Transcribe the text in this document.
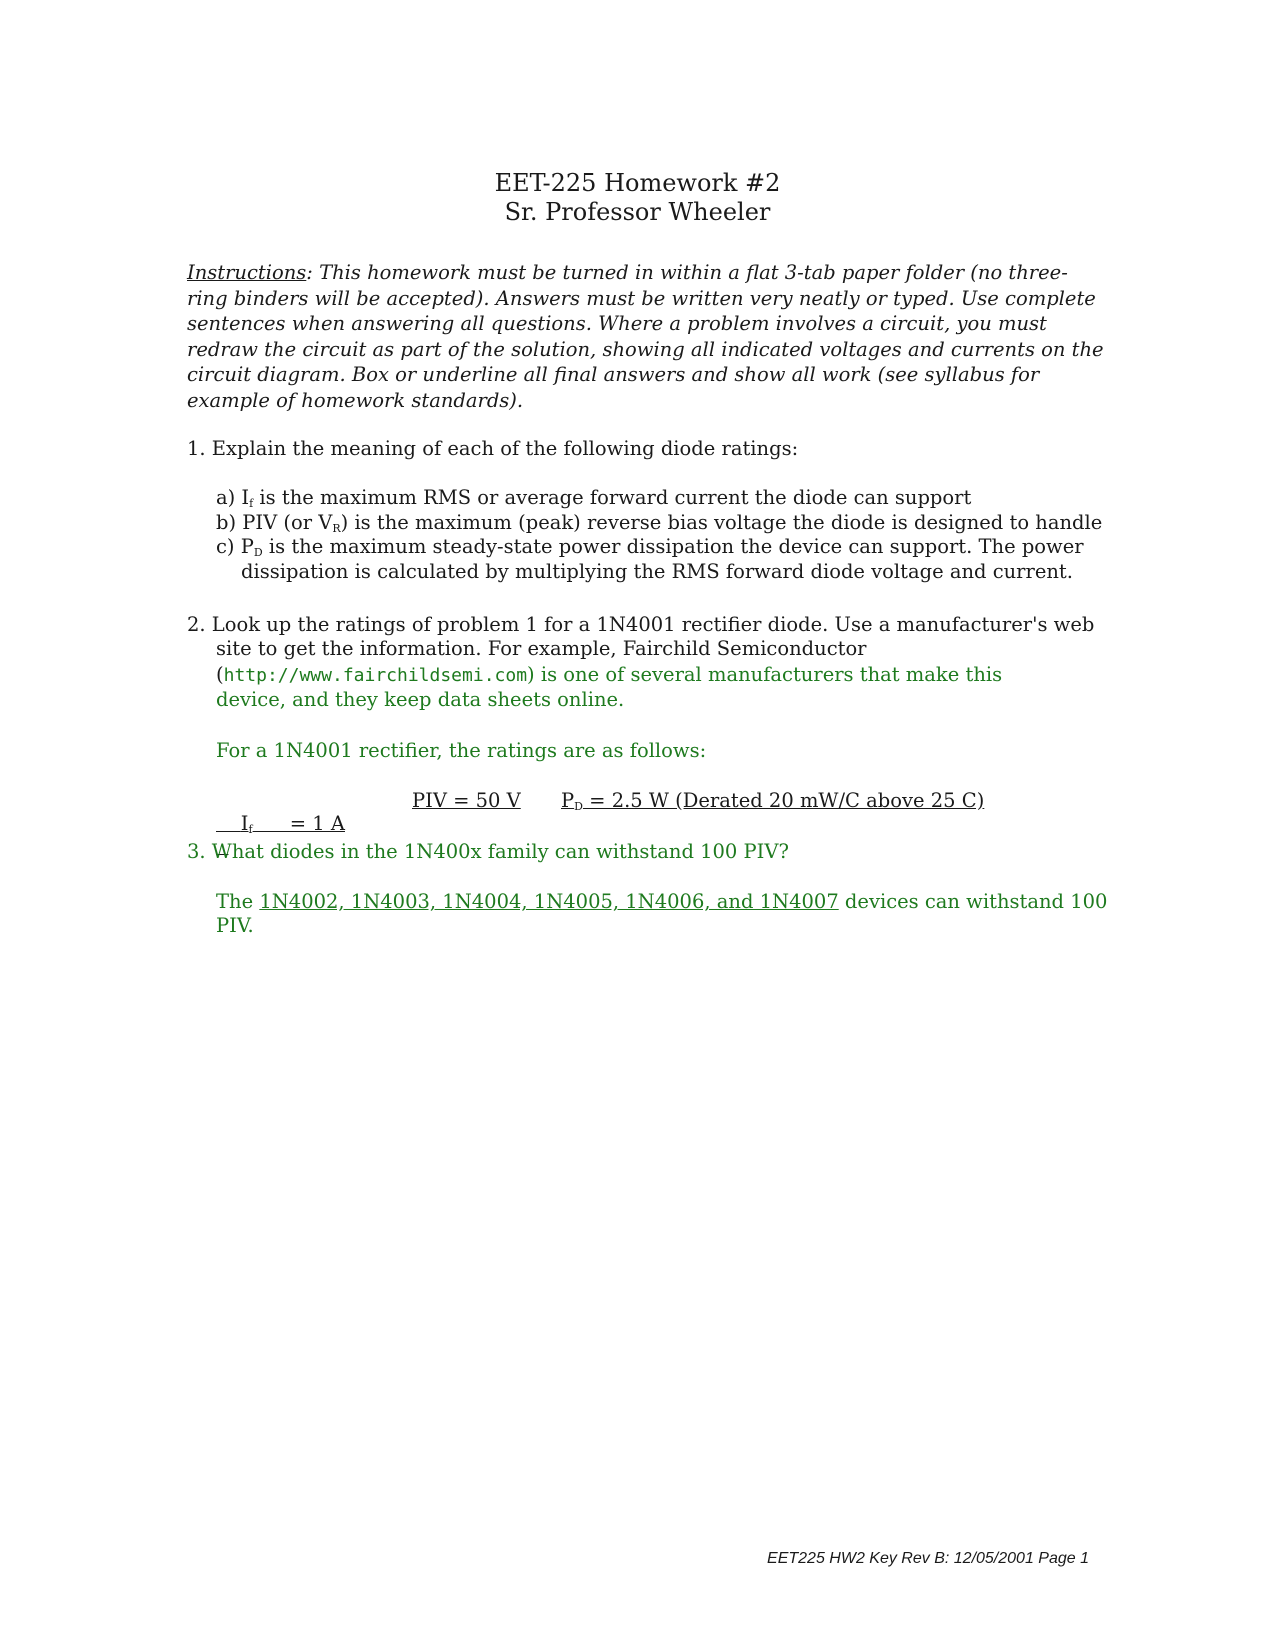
EET-225 Homework #2
Sr. Professor Wheeler
Instructions: This homework must be turned in within a flat 3-tab paper folder (no three-
ring binders will be accepted). Answers must be written very neatly or typed. Use complete
sentences when answering all questions. Where a problem involves a circuit, you must
redraw the circuit as part of the solution, showing all indicated voltages and currents on the
circuit diagram. Box or underline all final answers and show all work (see syllabus for
example of homework standards).
1. Explain the meaning of each of the following diode ratings:
a) $I_f$ is the maximum RMS or average forward current the diode can support
b) PIV (or $V_R$) is the maximum (peak) reverse bias voltage the diode is designed to handle
c) $P_D$ is the maximum steady-state power dissipation the device can support. The power
dissipation is calculated by multiplying the RMS forward diode voltage and current.
2. Look up the ratings of problem 1 for a 1N4001 rectifier diode. Use a manufacturer's web
site to get the information. For example, Fairchild Semiconductor
(http://www.fairchildsemi.com) is one of several manufacturers that make this
device, and they keep data sheets online.
For a 1N4001 rectifier, the ratings are as follows:

$I_f$      = 1 A

PIV = 50 V $P_D = 2.5$ W (Derated 20 mW/C above 25 C)
3. What diodes in the 1N400x family can withstand 100 PIV?
The 1N4002, 1N4003, 1N4004, 1N4005, 1N4006, and 1N4007 devices can withstand 100
PIV.
EET225 HW2 Key Rev B: 12/05/2001 Page 1
